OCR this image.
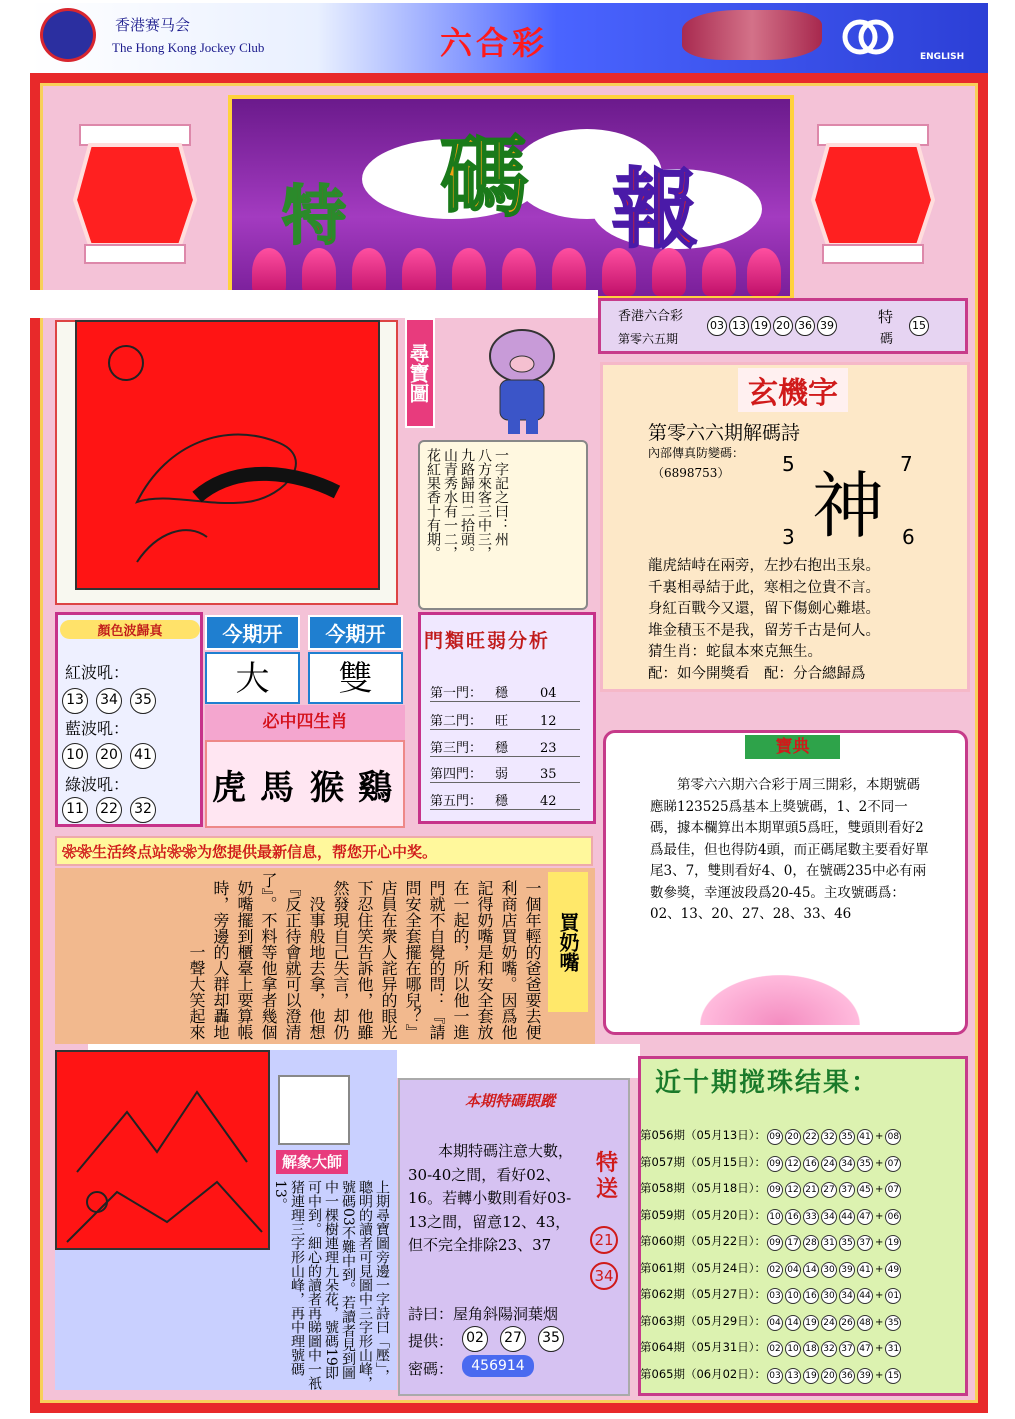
香港赛马会
The Hong Kong Jockey Club	六合彩	ENGLISH
特 碼 報
尋寶圖
一字記之曰：州
八方來客三中三，
九路歸田二拾頭。
山青秀水有一二，
花紅果香十有期。
香港六合彩
第零六五期
03 13 19 20 36 39	特
碼
15
玄機字
第零六六期解碼詩
內部傳真防變碼：
（6898753） 神
5	7
3	6
龍虎結峙在兩旁，左抄右抱出玉泉。
千裏相尋結于此，寒相之位貴不言。
身紅百戰今又還，留下傷劍心難堪。
堆金積玉不是我，留芳千古是何人。
猜生肖：蛇鼠本來克無生。
配：如今開獎看　配：分合總歸爲
顏色波歸真
紅波吼：
13 34 35
藍波吼：
10 20 41
綠波吼：
11 22 32
今期开	今期开
大	雙
必中四生肖
虎 馬 猴 鷄
門類旺弱分析
第一門： 穩 04
第二門： 旺 12
第三門： 穩 23
第四門： 弱 35
第五門： 穩 42
❀❀生活终点站❀❀为您提供最新信息，帮您开心中奖。
買奶嘴
一個年輕的爸爸要去便利商店買奶嘴。因爲他記得奶嘴是和安全套放在一起的，所以他一進門就不自覺的問：『請問安全套擺在哪兒？』店員在衆人詫异的眼光下忍住笑告訴他，他雖然發現自己失言，却仍没事般地去拿，他想『反正待會就可以澄清了』。不料等他拿者幾個奶嘴擺到櫃臺上要算帳時，旁邊的人群却轟地一聲大笑起來
寶典
第零六六期六合彩于周三開彩，本期號碼應睇123525爲基本上獎號碼，1、2不同一碼，據本欄算出本期單頭5爲旺，雙頭則看好2爲最佳，但也得防4頭，而正碼尾數主要看好單尾3、7，雙則看好4、0，在號碼235中必有兩數參獎，幸運波段爲20-45。主攻號碼爲：02、13、20、27、28、33、46
解象大師
上期尋寶圖旁邊一字詩曰「壓」，聰明的讀者可見圖中三字形山峰，號碼03不難中到。若讀者見到圖中一棵樹連理九朵花，號碼19即可中到。細心的讀者再睇圖中一衹猪連理三字形山峰，再中理號碼13。
本期特碼跟蹤
本期特碼注意大數，30-40之間，看好02、16。若轉小數則看好03-13之間，留意12、43，但不完全排除23、37
特送
21
34
詩曰：屋角斜陽洞葉烟
提供： 02 27 35
密碼：	456914
近十期搅珠结果：
第056期（05月13日）： 09 20 22 32 35 41 + 08
第057期（05月15日）： 09 12 16 24 34 35 + 07
第058期（05月18日）： 09 12 21 27 37 45 + 07
第059期（05月20日）： 10 16 33 34 44 47 + 06
第060期（05月22日）： 09 17 28 31 35 37 + 19
第061期（05月24日）： 02 04 14 30 39 41 + 49
第062期（05月27日）： 03 10 16 30 34 44 + 01
第063期（05月29日）： 04 14 19 24 26 48 + 35
第064期（05月31日）： 02 10 18 32 37 47 + 31
第065期（06月02日）： 03 13 19 20 36 39 + 15
